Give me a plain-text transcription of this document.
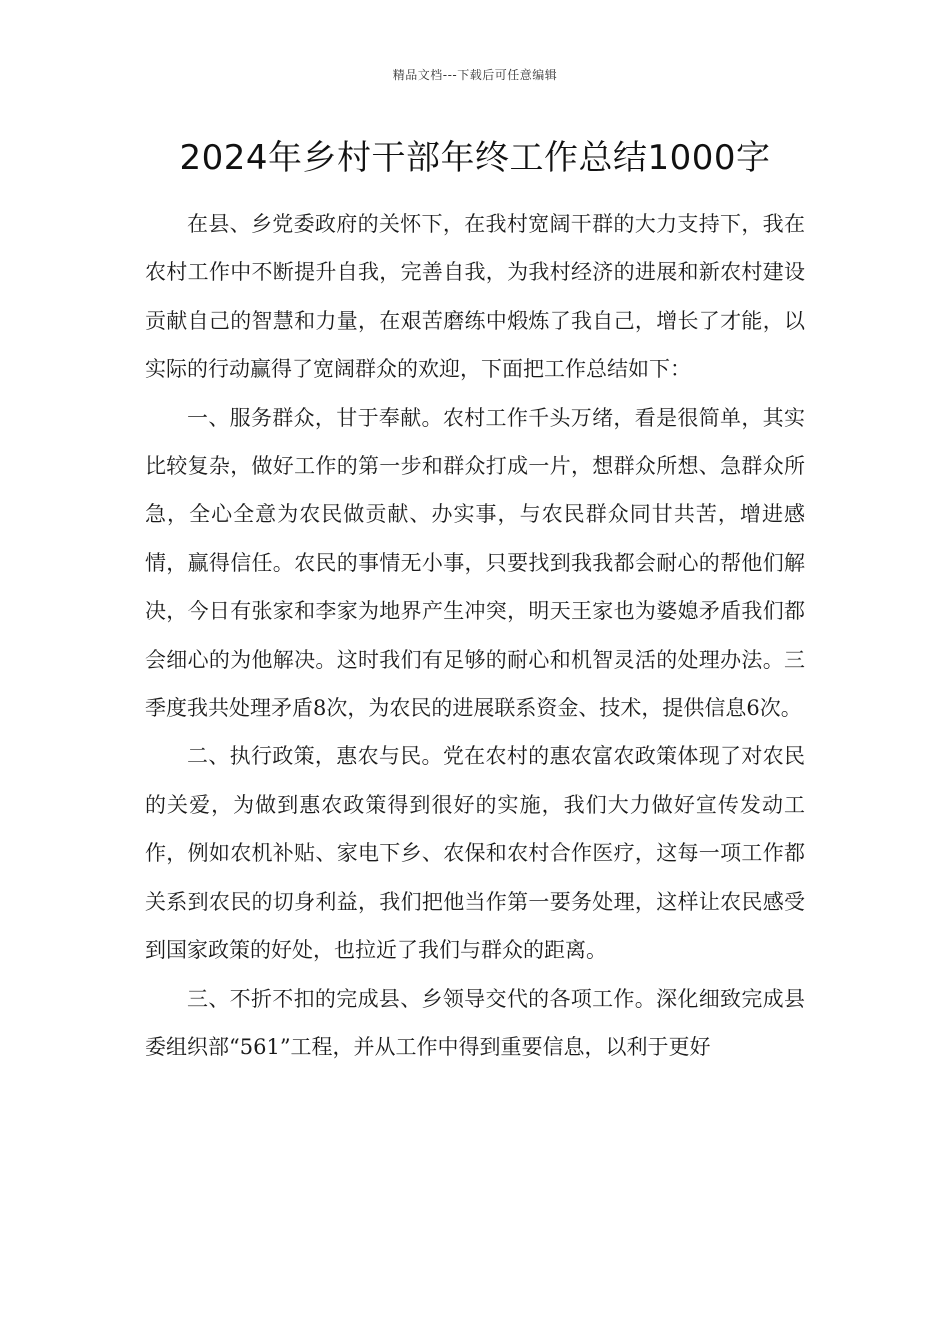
精品文档---下载后可任意编辑
2024年乡村干部年终工作总结1000字

在县、乡党委政府的关怀下，在我村宽阔干群的大力支持下，我在农村工作中不断提升自我，完善自我，为我村经济的进展和新农村建设贡献自己的智慧和力量，在艰苦磨练中煅炼了我自己，增长了才能，以实际的行动赢得了宽阔群众的欢迎，下面把工作总结如下：

一、服务群众，甘于奉献。农村工作千头万绪，看是很简单，其实比较复杂，做好工作的第一步和群众打成一片，想群众所想、急群众所急，全心全意为农民做贡献、办实事，与农民群众同甘共苦，增进感情，赢得信任。农民的事情无小事，只要找到我我都会耐心的帮他们解决，今日有张家和李家为地界产生冲突，明天王家也为婆媳矛盾我们都会细心的为他解决。这时我们有足够的耐心和机智灵活的处理办法。三季度我共处理矛盾8次，为农民的进展联系资金、技术，提供信息6次。

二、执行政策，惠农与民。党在农村的惠农富农政策体现了对农民的关爱，为做到惠农政策得到很好的实施，我们大力做好宣传发动工作，例如农机补贴、家电下乡、农保和农村合作医疗，这每一项工作都关系到农民的切身利益，我们把他当作第一要务处理，这样让农民感受到国家政策的好处，也拉近了我们与群众的距离。

三、不折不扣的完成县、乡领导交代的各项工作。深化细致完成县委组织部“561”工程，并从工作中得到重要信息，以利于更好
